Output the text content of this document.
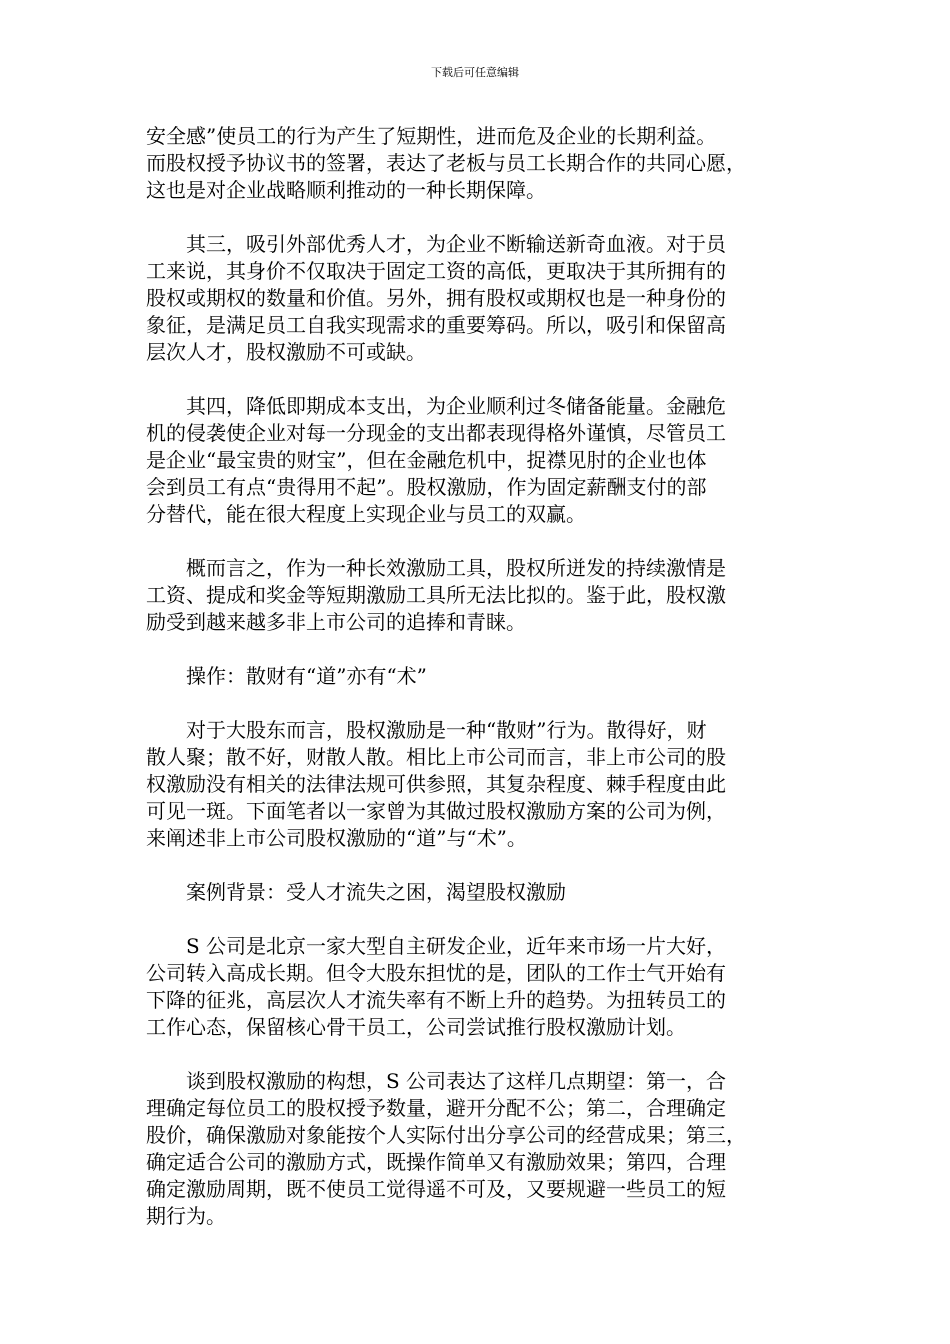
下载后可任意编辑
安全感”使员工的行为产生了短期性，进而危及企业的长期利益。
而股权授予协议书的签署，表达了老板与员工长期合作的共同心愿，
这也是对企业战略顺利推动的一种长期保障。
　　其三，吸引外部优秀人才，为企业不断输送新奇血液。对于员
工来说，其身价不仅取决于固定工资的高低，更取决于其所拥有的
股权或期权的数量和价值。另外，拥有股权或期权也是一种身份的
象征，是满足员工自我实现需求的重要筹码。所以，吸引和保留高
层次人才，股权激励不可或缺。
　　其四，降低即期成本支出，为企业顺利过冬储备能量。金融危
机的侵袭使企业对每一分现金的支出都表现得格外谨慎，尽管员工
是企业“最宝贵的财宝”，但在金融危机中，捉襟见肘的企业也体
会到员工有点“贵得用不起”。股权激励，作为固定薪酬支付的部
分替代，能在很大程度上实现企业与员工的双赢。
　　概而言之，作为一种长效激励工具，股权所迸发的持续激情是
工资、提成和奖金等短期激励工具所无法比拟的。鉴于此，股权激
励受到越来越多非上市公司的追捧和青睐。
　　操作：散财有“道”亦有“术”
　　对于大股东而言，股权激励是一种“散财”行为。散得好，财
散人聚；散不好，财散人散。相比上市公司而言，非上市公司的股
权激励没有相关的法律法规可供参照，其复杂程度、棘手程度由此
可见一斑。下面笔者以一家曾为其做过股权激励方案的公司为例，
来阐述非上市公司股权激励的“道”与“术”。
　　案例背景：受人才流失之困，渴望股权激励
　　S 公司是北京一家大型自主研发企业，近年来市场一片大好，
公司转入高成长期。但令大股东担忧的是，团队的工作士气开始有
下降的征兆，高层次人才流失率有不断上升的趋势。为扭转员工的
工作心态，保留核心骨干员工，公司尝试推行股权激励计划。
　　谈到股权激励的构想，S 公司表达了这样几点期望：第一，合
理确定每位员工的股权授予数量，避开分配不公；第二，合理确定
股价，确保激励对象能按个人实际付出分享公司的经营成果；第三，
确定适合公司的激励方式，既操作简单又有激励效果；第四，合理
确定激励周期，既不使员工觉得遥不可及，又要规避一些员工的短
期行为。
